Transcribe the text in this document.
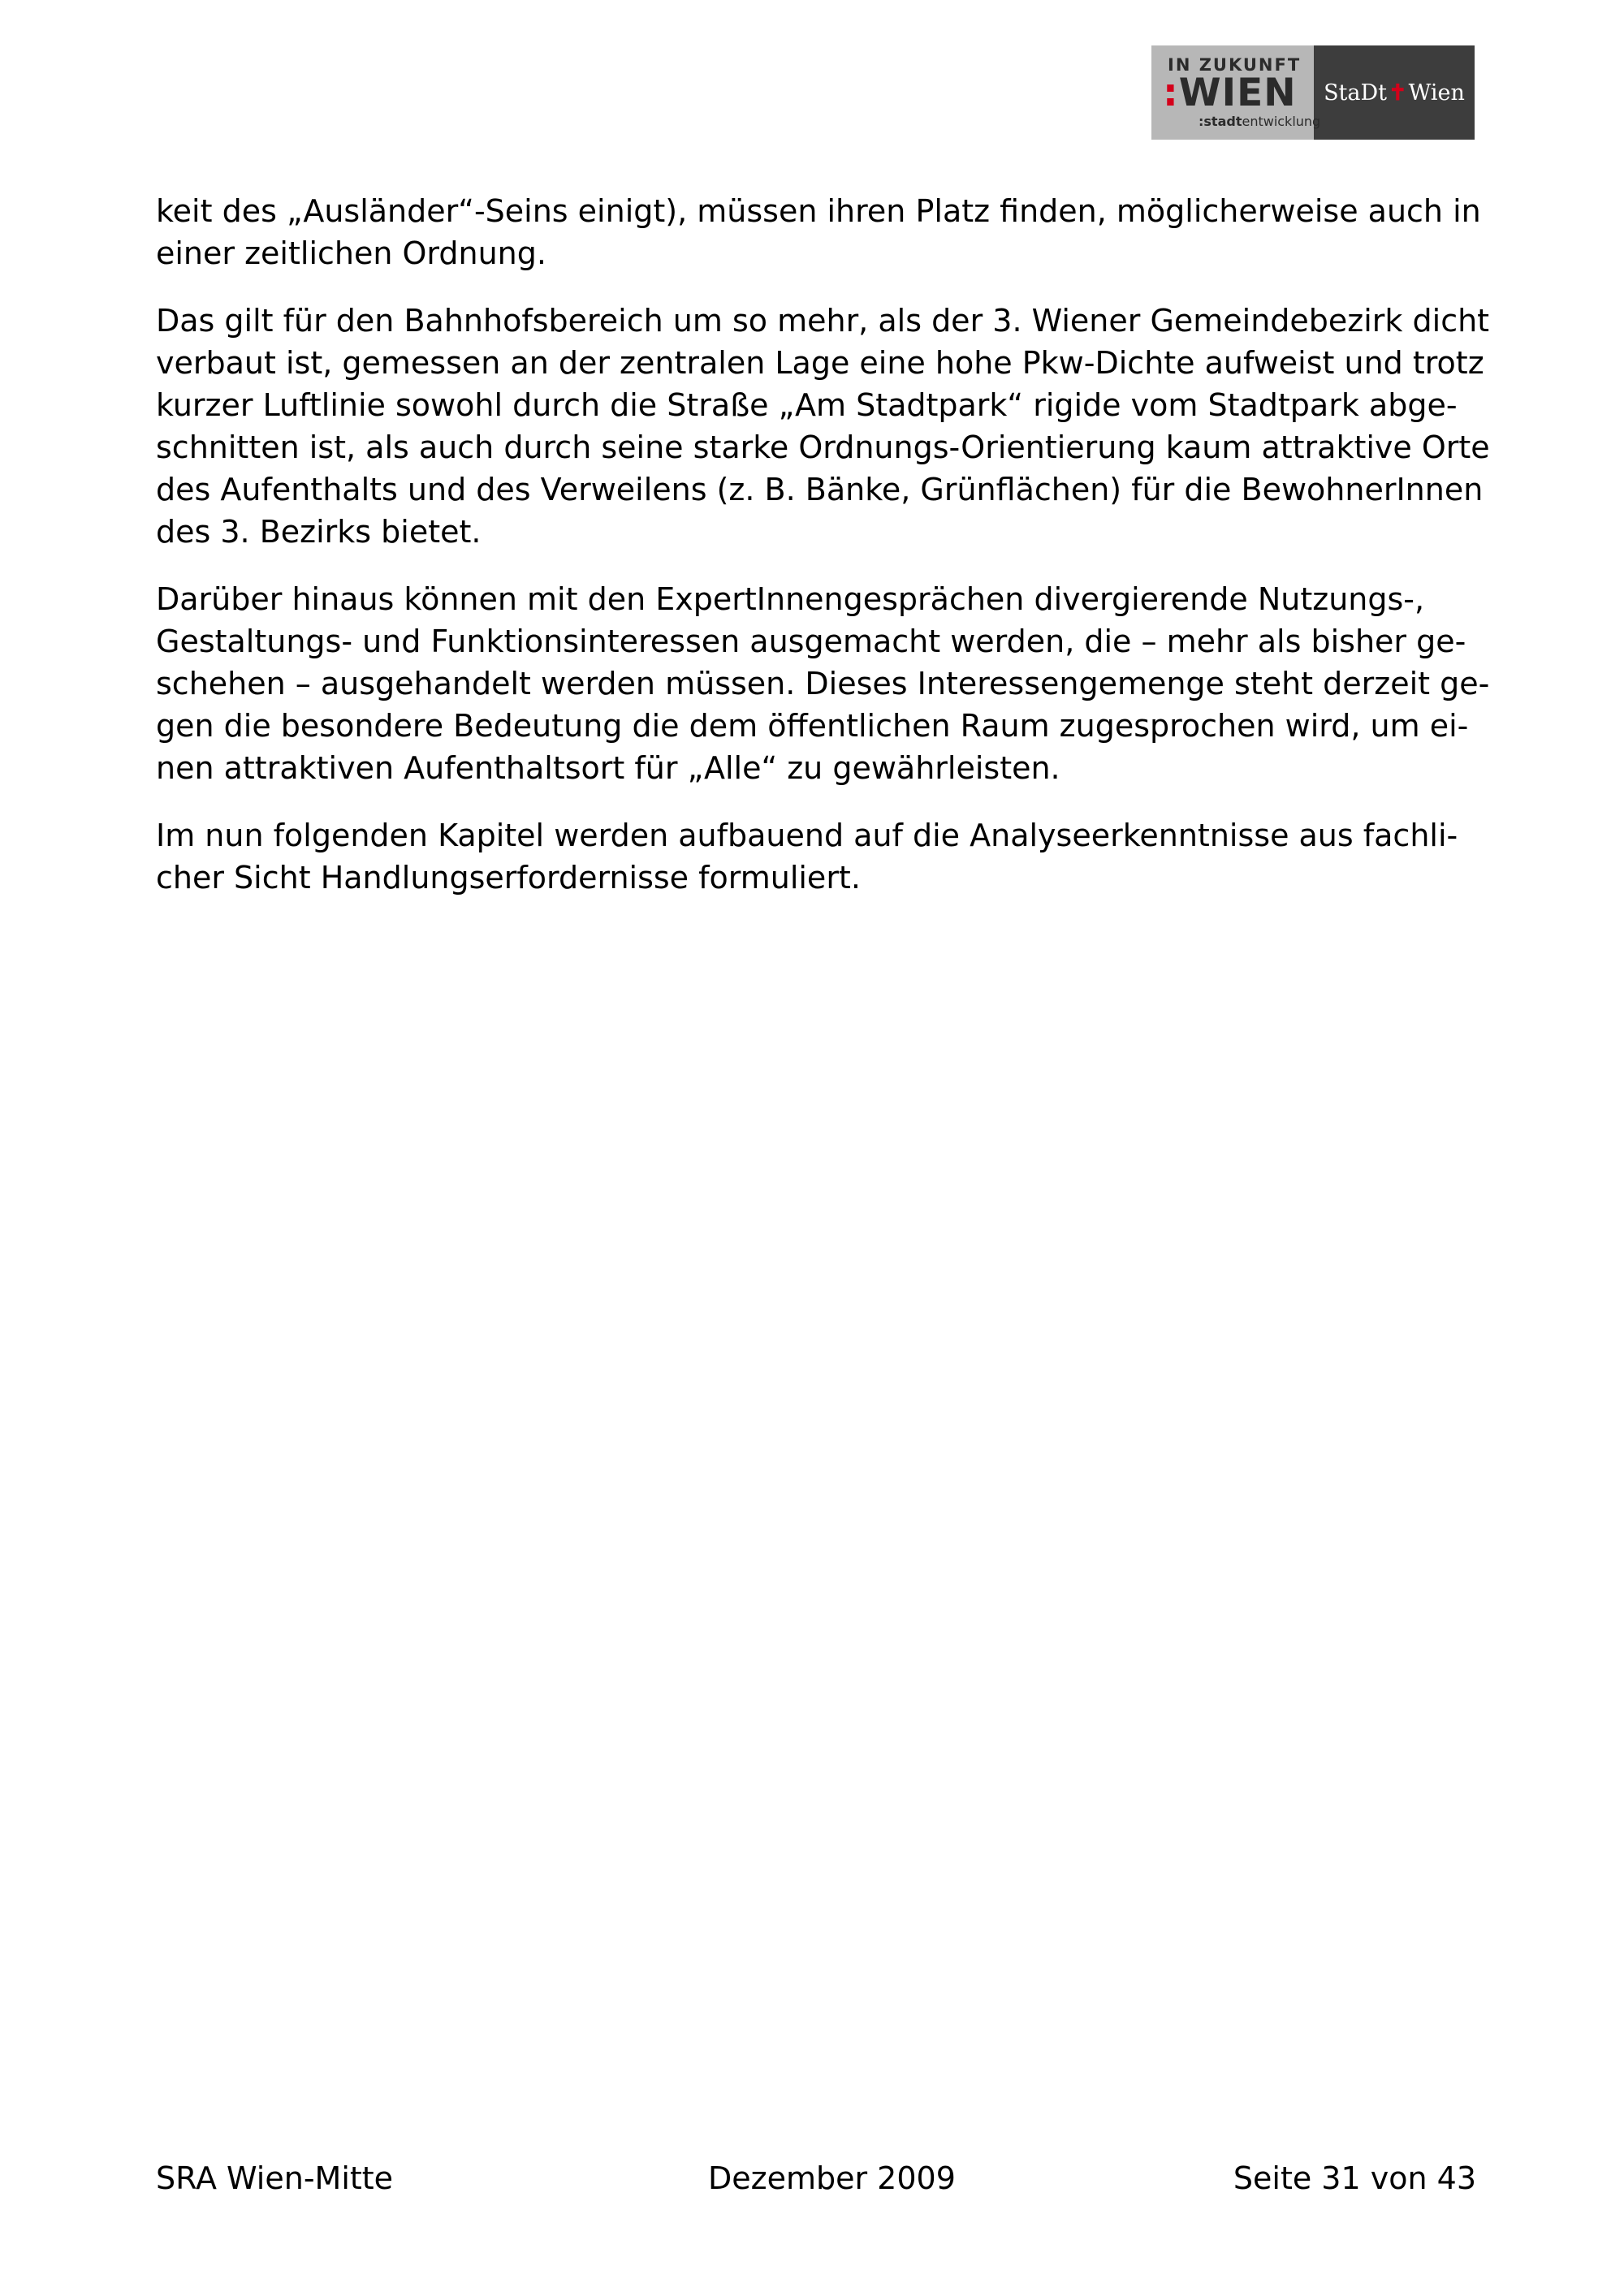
IN ZUKUNFT
:WIEN
:stadtentwicklung
StaDt ✝ Wien

keit des „Ausländer“-Seins einigt), müssen ihren Platz finden, möglicherweise auch in
einer zeitlichen Ordnung.

Das gilt für den Bahnhofsbereich um so mehr, als der 3. Wiener Gemeindebezirk dicht
verbaut ist, gemessen an der zentralen Lage eine hohe Pkw-Dichte aufweist und trotz
kurzer Luftlinie sowohl durch die Straße „Am Stadtpark“ rigide vom Stadtpark abge-
schnitten ist, als auch durch seine starke Ordnungs-Orientierung kaum attraktive Orte
des Aufenthalts und des Verweilens (z. B. Bänke, Grünflächen) für die BewohnerInnen
des 3. Bezirks bietet.

Darüber hinaus können mit den ExpertInnengesprächen divergierende Nutzungs-,
Gestaltungs- und Funktionsinteressen ausgemacht werden, die – mehr als bisher ge-
schehen – ausgehandelt werden müssen. Dieses Interessengemenge steht derzeit ge-
gen die besondere Bedeutung die dem öffentlichen Raum zugesprochen wird, um ei-
nen attraktiven Aufenthaltsort für „Alle“ zu gewährleisten.

Im nun folgenden Kapitel werden aufbauend auf die Analyseerkenntnisse aus fachli-
cher Sicht Handlungserfordernisse formuliert.

SRA Wien-Mitte	Dezember 2009	Seite 31 von 43
